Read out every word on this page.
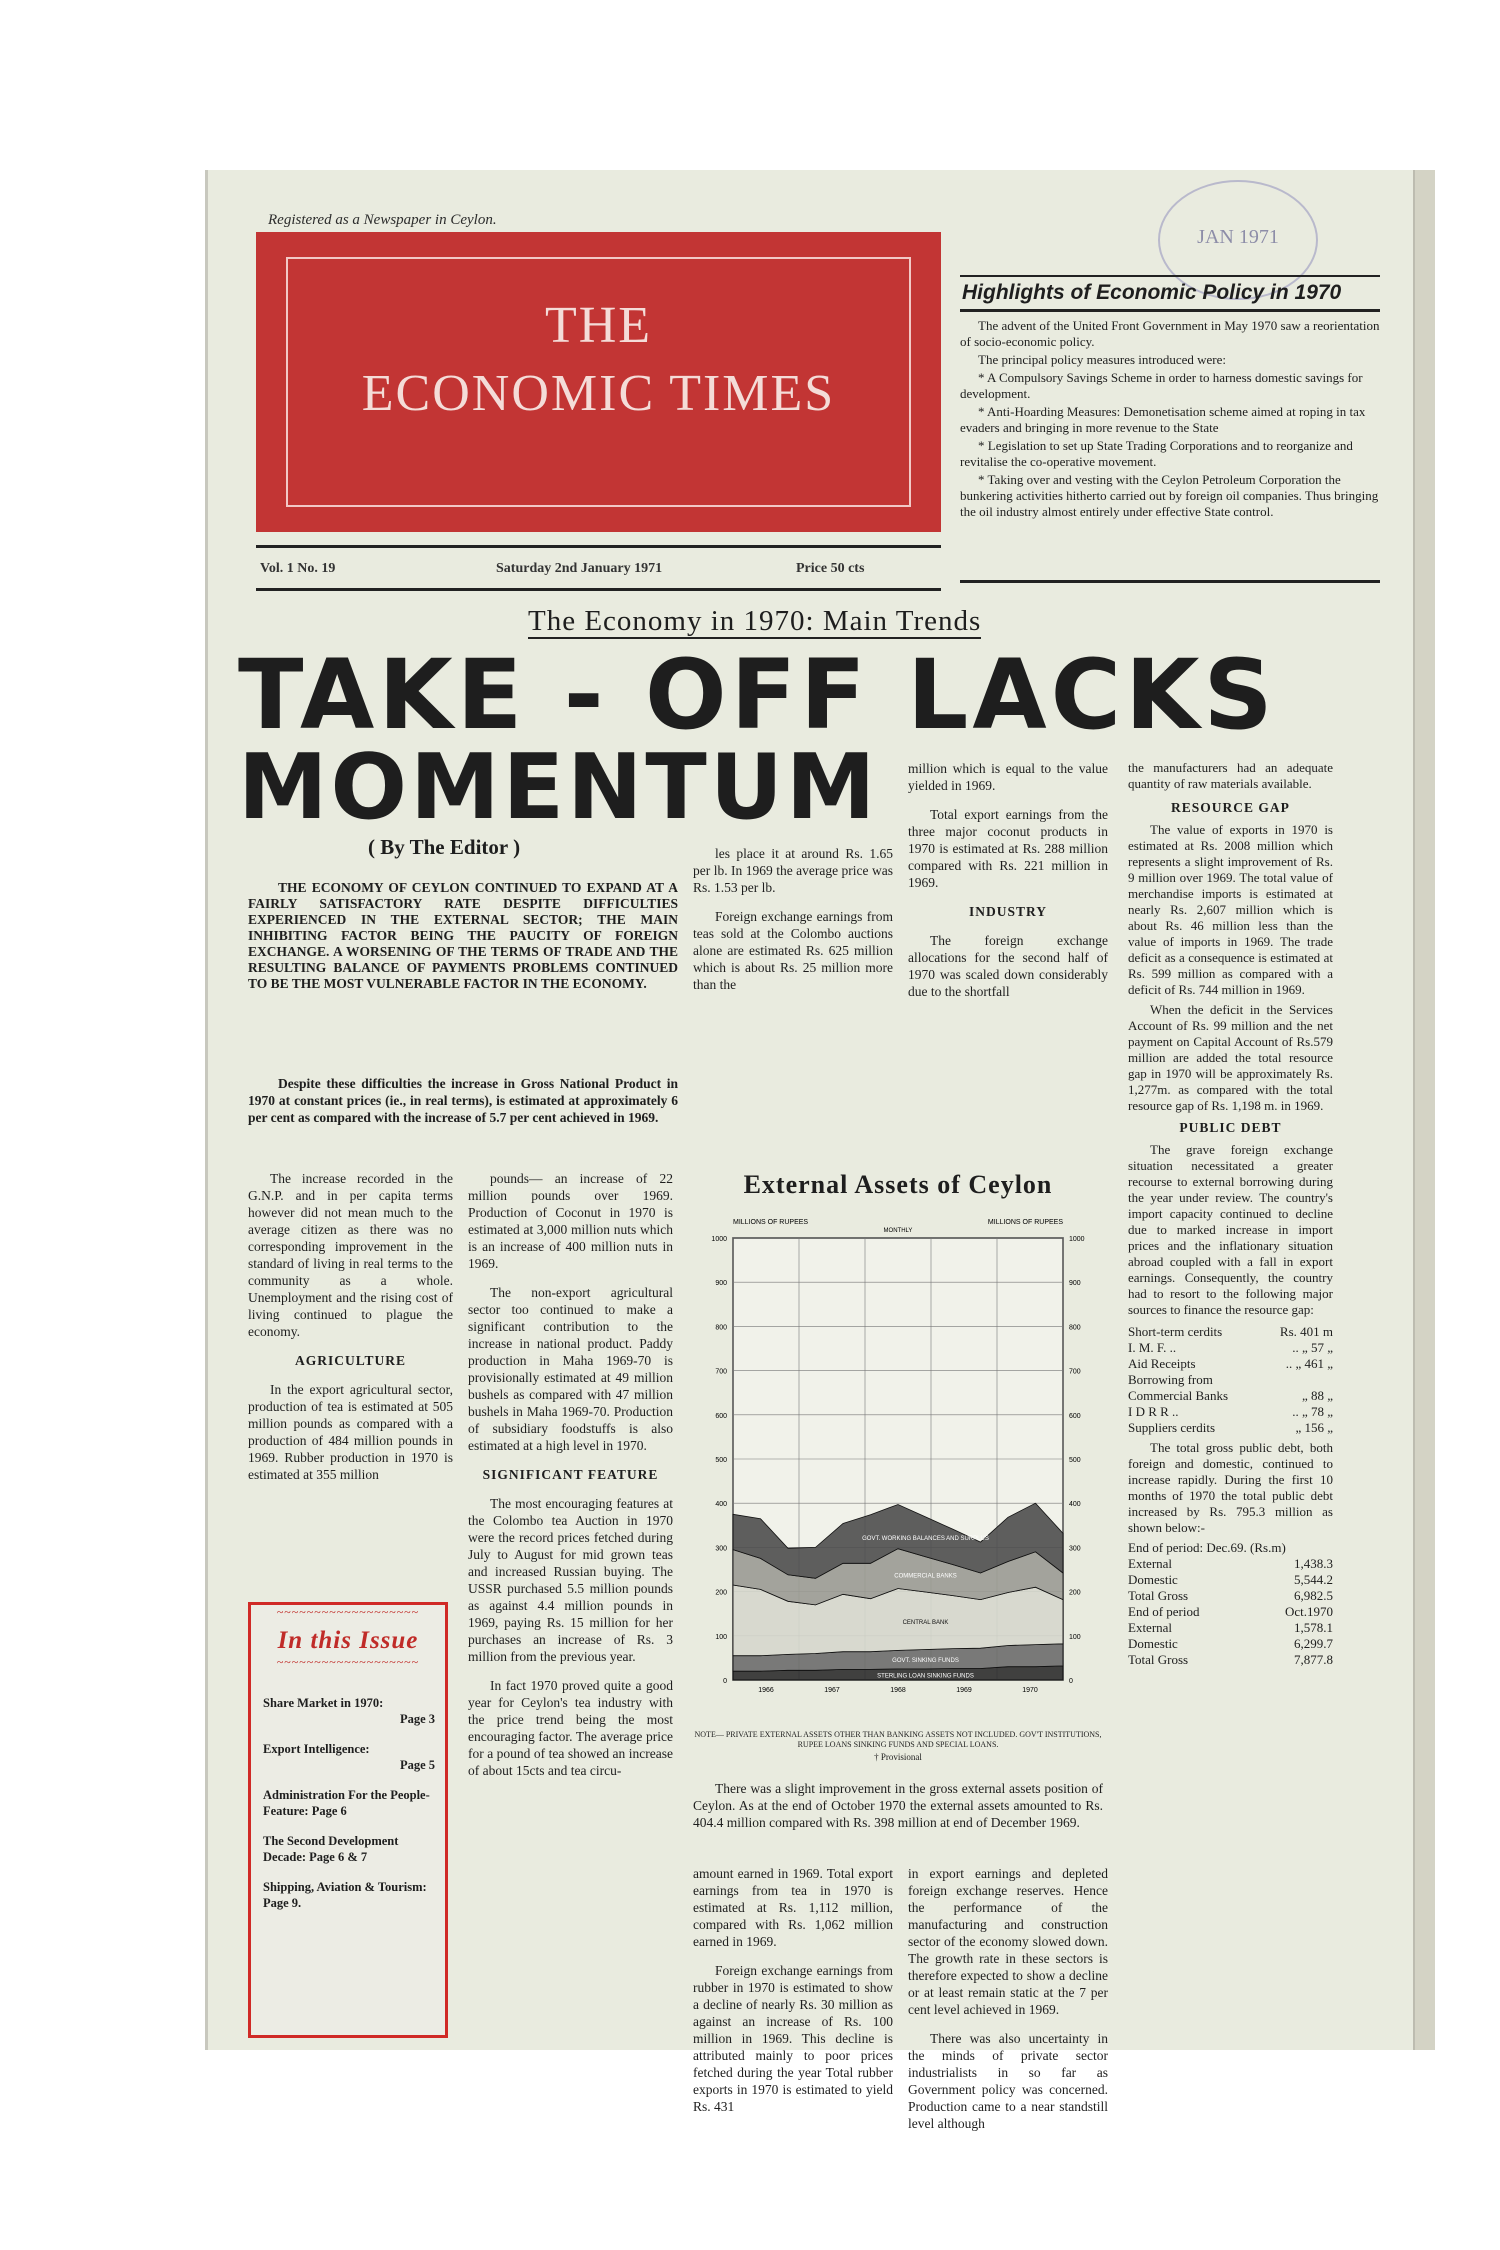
Registered as a Newspaper in Ceylon.
JAN 1971
THE
ECONOMIC TIMES
Vol. 1 No. 19	Saturday 2nd January 1971	Price 50 cts
Highlights of Economic Policy in 1970

The advent of the United Front Government in May 1970 saw a reorientation of socio-economic policy.

The principal policy measures introduced were:

* A Compulsory Savings Scheme in order to harness domestic savings for development.

* Anti-Hoarding Measures: Demonetisation scheme aimed at roping in tax evaders and bringing in more revenue to the State

* Legislation to set up State Trading Corporations and to reorganize and revitalise the co-operative movement.

* Taking over and vesting with the Ceylon Petroleum Corporation the bunkering activities hitherto carried out by foreign oil companies. Thus bringing the oil industry almost entirely under effective State control.

The Economy in 1970: Main Trends
TAKE - OFF LACKS
MOMENTUM
( By The Editor )
THE ECONOMY OF CEYLON CONTINUED TO EXPAND AT A FAIRLY SATISFACTORY RATE DESPITE DIFFICULTIES EXPERIENCED IN THE EXTERNAL SECTOR; THE MAIN INHIBITING FACTOR BEING THE PAUCITY OF FOREIGN EXCHANGE. A WORSENING OF THE TERMS OF TRADE AND THE RESULTING BALANCE OF PAYMENTS PROBLEMS CONTINUED TO BE THE MOST VULNERABLE FACTOR IN THE ECONOMY.
Despite these difficulties the increase in Gross National Product in 1970 at constant prices (ie., in real terms), is estimated at approximately 6 per cent as compared with the increase of 5.7 per cent achieved in 1969.

The increase recorded in the G.N.P. and in per capita terms however did not mean much to the average citizen as there was no corresponding improvement in the standard of living in real terms to the community as a whole. Unemployment and the rising cost of living continued to plague the economy.

AGRICULTURE

In the export agricultural sector, production of tea is estimated at 505 million pounds as compared with a production of 484 million pounds in 1969. Rubber production in 1970 is estimated at 355 million

pounds— an increase of 22 million pounds over 1969. Production of Coconut in 1970 is estimated at 3,000 million nuts which is an increase of 400 million nuts in 1969.

The non-export agricultural sector too continued to make a significant contribution to the increase in national product. Paddy production in Maha 1969-70 is provisionally estimated at 49 million bushels as compared with 47 million bushels in Maha 1969-70. Production of subsidiary foodstuffs is also estimated at a high level in 1970.

SIGNIFICANT FEATURE

The most encouraging features at the Colombo tea Auction in 1970 were the record prices fetched during July to August for mid grown teas and increased Russian buying. The USSR purchased 5.5 million pounds as against 4.4 million pounds in 1969, paying Rs. 15 million for her purchases an increase of Rs. 3 million from the previous year.

In fact 1970 proved quite a good year for Ceylon's tea industry with the price trend being the most encouraging factor. The average price for a pound of tea showed an increase of about 15cts and tea circu-

les place it at around Rs. 1.65 per lb. In 1969 the average price was Rs. 1.53 per lb.

Foreign exchange earnings from teas sold at the Colombo auctions alone are estimated Rs. 625 million which is about Rs. 25 million more than the

million which is equal to the value yielded in 1969.

Total export earnings from the three major coconut products in 1970 is estimated at Rs. 288 million compared with Rs. 221 million in 1969.

INDUSTRY

The foreign exchange allocations for the second half of 1970 was scaled down considerably due to the shortfall

External Assets of Ceylon
0	0
100	100
200	200
300	300
400	400
500	500
600	600
700	700
800	800
900	900
1000	1000
1966	1967	1968	1969	1970
MILLIONS OF RUPEES	MILLIONS OF RUPEES
MONTHLY
STERLING LOAN SINKING FUNDS
GOVT. SINKING FUNDS
CENTRAL BANK
COMMERCIAL BANKS
GOVT. WORKING BALANCES AND SURPLUS
NOTE— PRIVATE EXTERNAL ASSETS OTHER THAN BANKING ASSETS NOT INCLUDED. GOV'T INSTITUTIONS, RUPEE LOANS SINKING FUNDS AND SPECIAL LOANS.
† Provisional
There was a slight improvement in the gross external assets position of Ceylon. As at the end of October 1970 the external assets amounted to Rs. 404.4 million compared with Rs. 398 million at end of December 1969.

amount earned in 1969. Total export earnings from tea in 1970 is estimated at Rs. 1,112 million, compared with Rs. 1,062 million earned in 1969.

Foreign exchange earnings from rubber in 1970 is estimated to show a decline of nearly Rs. 30 million as against an increase of Rs. 100 million in 1969. This decline is attributed mainly to poor prices fetched during the year Total rubber exports in 1970 is estimated to yield Rs. 431

in export earnings and depleted foreign exchange reserves. Hence the performance of the manufacturing and construction sector of the economy slowed down. The growth rate in these sectors is therefore expected to show a decline or at least remain static at the 7 per cent level achieved in 1969.

There was also uncertainty in the minds of private sector industrialists in so far as Government policy was concerned. Production came to a near standstill level although

the manufacturers had an adequate quantity of raw materials available.

RESOURCE GAP

The value of exports in 1970 is estimated at Rs. 2008 million which represents a slight improvement of Rs. 9 million over 1969. The total value of merchandise imports is estimated at nearly Rs. 2,607 million which is about Rs. 46 million less than the value of imports in 1969. The trade deficit as a consequence is estimated at Rs. 599 million as compared with a deficit of Rs. 744 million in 1969.

When the deficit in the Services Account of Rs. 99 million and the net payment on Capital Account of Rs.579 million are added the total resource gap in 1970 will be approximately Rs. 1,277m. as compared with the total resource gap of Rs. 1,198 m. in 1969.

PUBLIC DEBT

The grave foreign exchange situation necessitated a greater recourse to external borrowing during the year under review. The country's import capacity continued to decline due to marked increase in import prices and the inflationary situation abroad coupled with a fall in export earnings. Consequently, the country had to resort to the following major sources to finance the resource gap:

Short-term cerdits	Rs. 401 m
I. M. F. ..	.. „ 57 „
Aid Receipts	.. „ 461 „
Borrowing from	
Commercial Banks	„ 88 „
I D R R ..	.. „ 78 „
Suppliers cerdits	„ 156 „

The total gross public debt, both foreign and domestic, continued to increase rapidly. During the first 10 months of 1970 the total public debt increased by Rs. 795.3 million as shown below:-

End of period: Dec.69. (Rs.m)
External	1,438.3
Domestic	5,544.2
Total Gross	6,982.5
End of period	Oct.1970
External	1,578.1
Domestic	6,299.7
Total Gross	7,877.8
~~~~~~~~~~~~~~~~~~~
In this Issue
~~~~~~~~~~~~~~~~~~~
Share Market in 1970:
Page 3
Export Intelligence:
Page 5
Administration For the People-Feature: Page 6
The Second Development Decade: Page 6 & 7
Shipping, Aviation & Tourism: Page 9.
